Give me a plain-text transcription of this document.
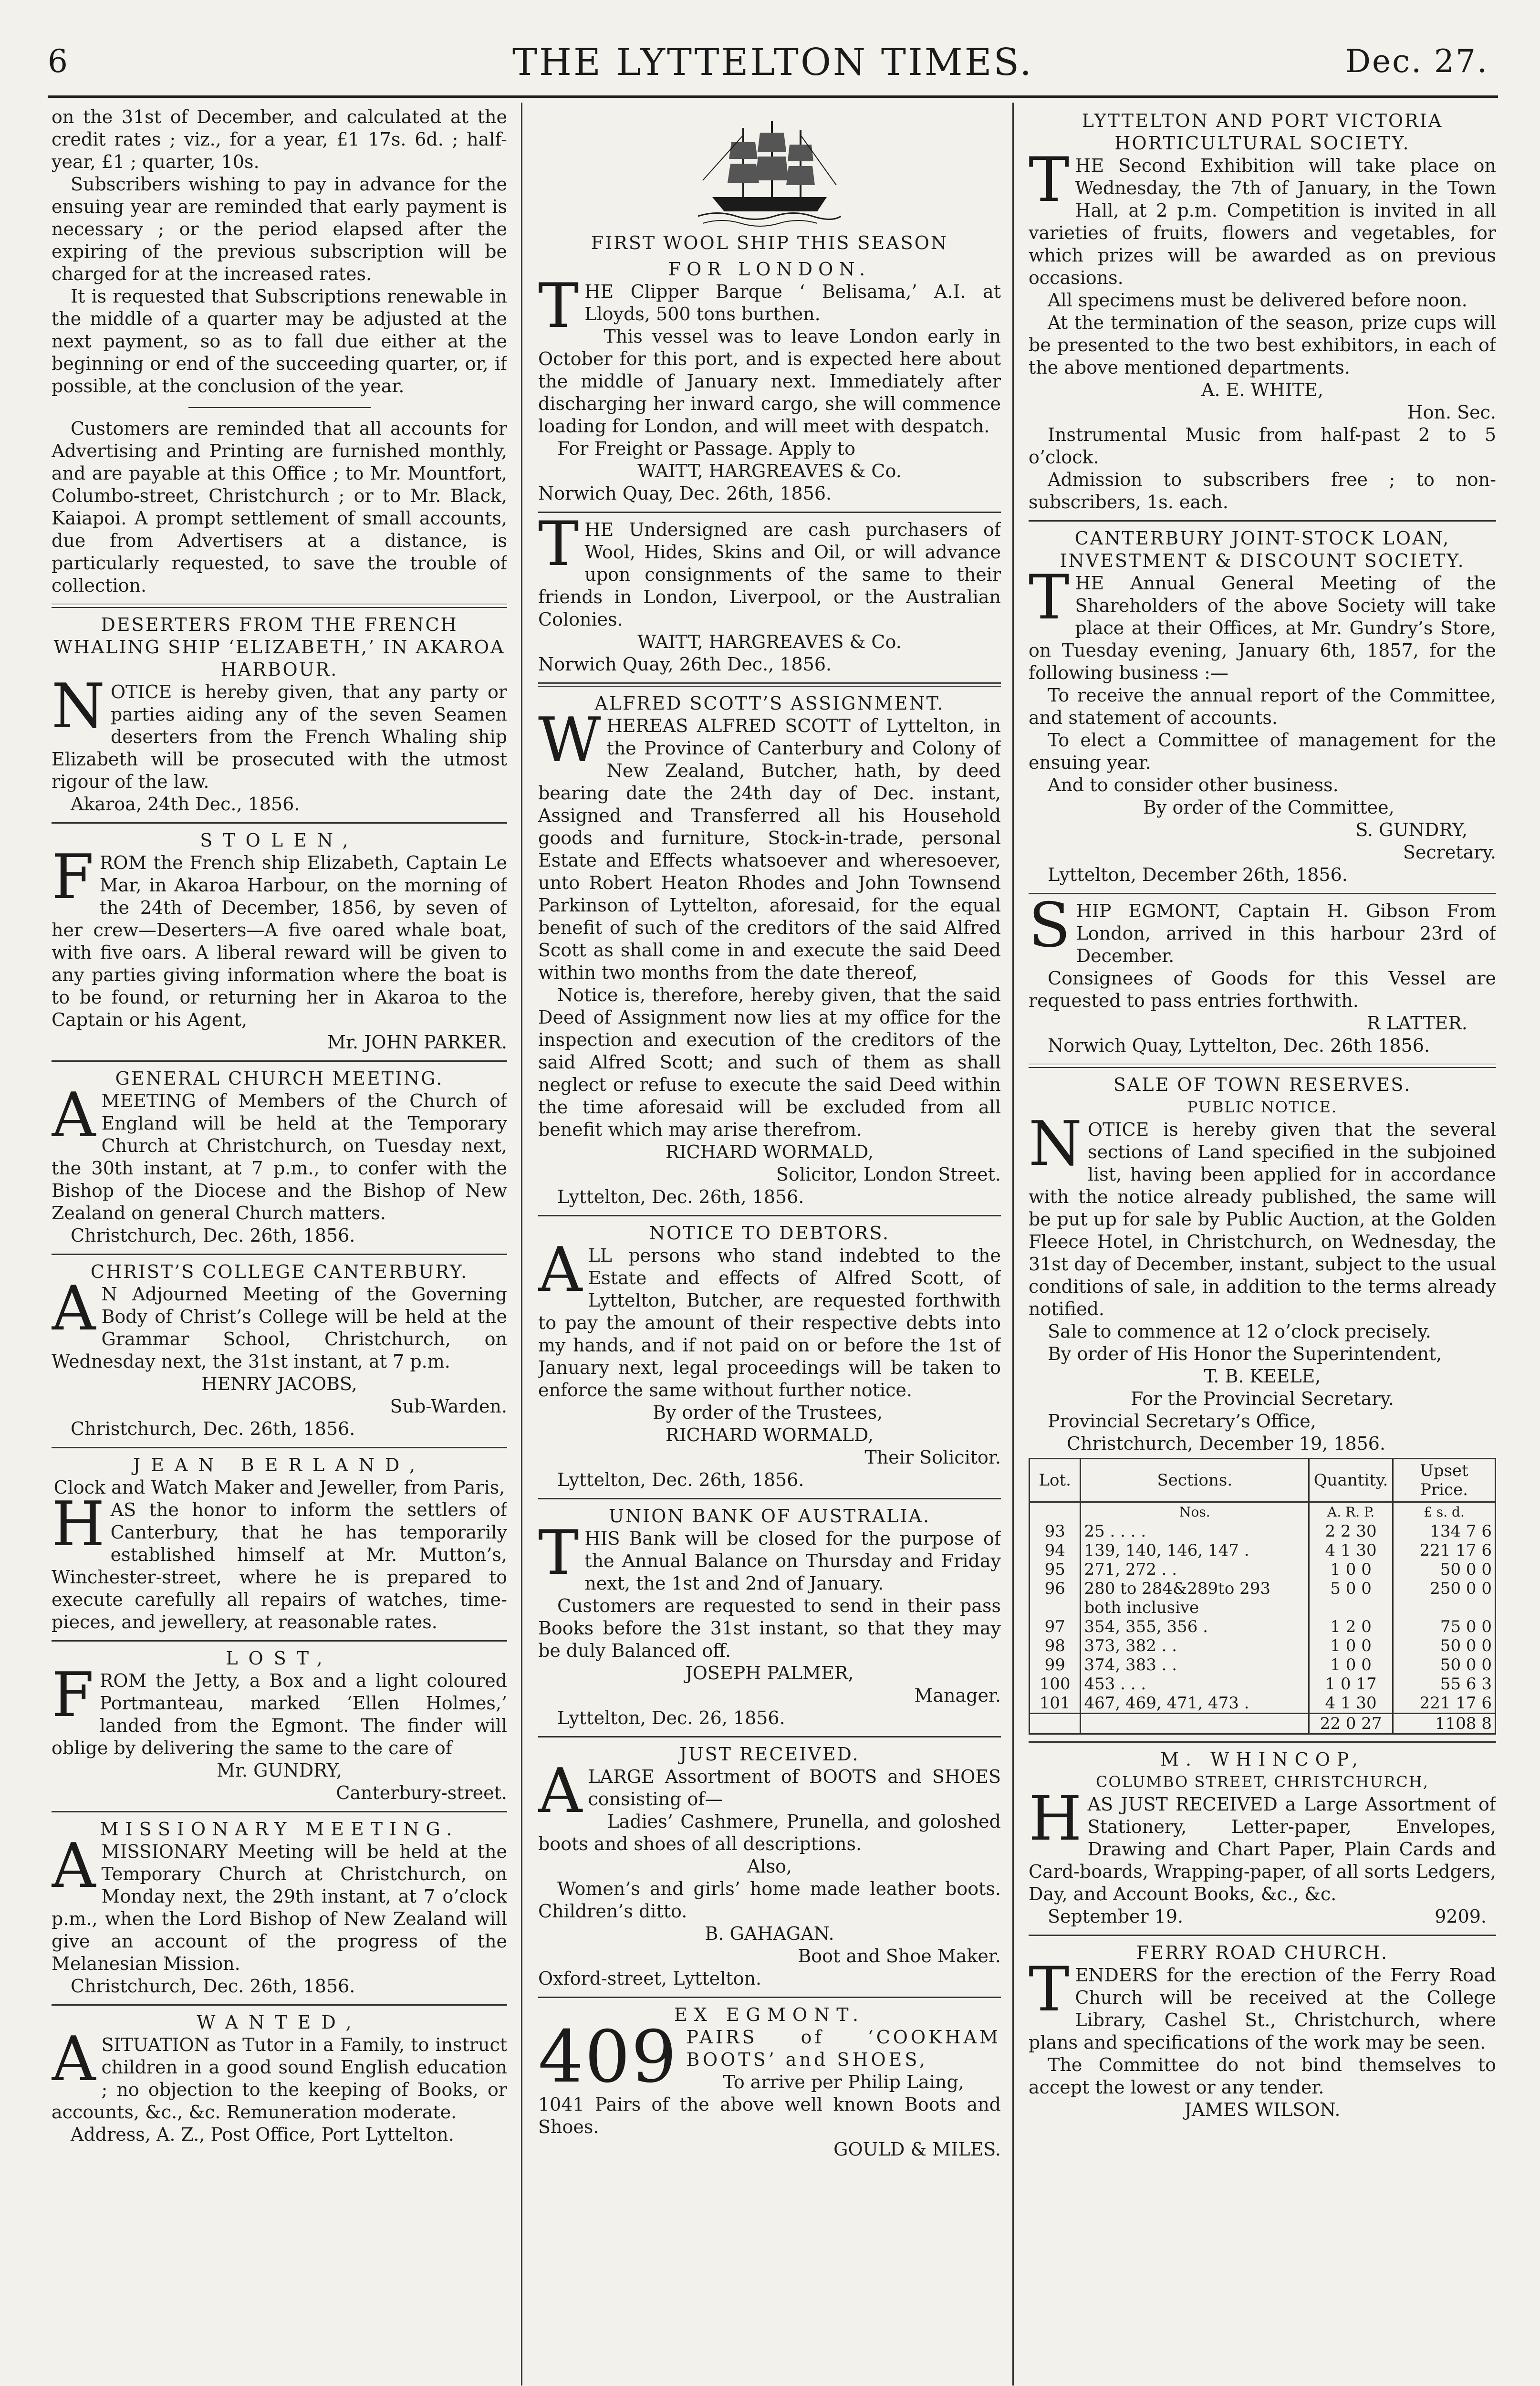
6	THE LYTTELTON TIMES.	Dec. 27.

on the 31st of December, and calculated at the credit rates ; viz., for a year, £1 17s. 6d. ; half-year, £1 ; quarter, 10s.

Subscribers wishing to pay in advance for the ensuing year are reminded that early payment is necessary ; or the period elapsed after the expiring of the previous subscription will be charged for at the increased rates.

It is requested that Subscriptions renewable in the middle of a quarter may be adjusted at the next payment, so as to fall due either at the beginning or end of the succeeding quarter, or, if possible, at the conclusion of the year.

Customers are reminded that all accounts for Advertising and Printing are furnished monthly, and are payable at this Office ; to Mr. Mountfort, Columbo-street, Christchurch ; or to Mr. Black, Kaiapoi. A prompt settlement of small accounts, due from Advertisers at a distance, is particularly requested, to save the trouble of collection.

DESERTERS FROM THE FRENCH WHALING SHIP ‘ELIZABETH,’ IN AKAROA HARBOUR.

NOTICE is hereby given, that any party or parties aiding any of the seven Seamen deserters from the French Whaling ship Elizabeth will be prosecuted with the utmost rigour of the law.

Akaroa, 24th Dec., 1856.

STOLEN,

FROM the French ship Elizabeth, Captain Le Mar, in Akaroa Harbour, on the morning of the 24th of December, 1856, by seven of her crew—Deserters—A five oared whale boat, with five oars. A liberal reward will be given to any parties giving information where the boat is to be found, or returning her in Akaroa to the Captain or his Agent,

Mr. JOHN PARKER.

GENERAL CHURCH MEETING.

AMEETING of Members of the Church of England will be held at the Temporary Church at Christchurch, on Tuesday next, the 30th instant, at 7 p.m., to confer with the Bishop of the Diocese and the Bishop of New Zealand on general Church matters.

Christchurch, Dec. 26th, 1856.

CHRIST’S COLLEGE CANTERBURY.

A N Adjourned Meeting of the Governing Body of Christ’s College will be held at the Grammar School, Christchurch, on Wednesday next, the 31st instant, at 7 p.m.

HENRY JACOBS,

Sub-Warden.

Christchurch, Dec. 26th, 1856.

JEAN BERLAND,

Clock and Watch Maker and Jeweller, from Paris,

HAS the honor to inform the settlers of Canterbury, that he has temporarily established himself at Mr. Mutton’s, Winchester-street, where he is prepared to execute carefully all repairs of watches, time-pieces, and jewellery, at reasonable rates.

LOST,

FROM the Jetty, a Box and a light coloured Portmanteau, marked ‘Ellen Holmes,’ landed from the Egmont. The finder will oblige by delivering the same to the care of

Mr. GUNDRY,

Canterbury-street.

MISSIONARY MEETING.

AMISSIONARY Meeting will be held at the Temporary Church at Christchurch, on Monday next, the 29th instant, at 7 o’clock p.m., when the Lord Bishop of New Zealand will give an account of the progress of the Melanesian Mission.

Christchurch, Dec. 26th, 1856.

WANTED,

ASITUATION as Tutor in a Family, to instruct children in a good sound English education ; no objection to the keeping of Books, or accounts, &c., &c. Remuneration moderate.

Address, A. Z., Post Office, Port Lyttelton.

FIRST WOOL SHIP THIS SEASON

FOR LONDON.

THE Clipper Barque ‘ Belisama,’ A.I. at Lloyds, 500 tons burthen.

This vessel was to leave London early in October for this port, and is expected here about the middle of January next. Immediately after discharging her inward cargo, she will commence loading for London, and will meet with despatch.

For Freight or Passage. Apply to

WAITT, HARGREAVES & Co.

Norwich Quay, Dec. 26th, 1856.

THE Undersigned are cash purchasers of Wool, Hides, Skins and Oil, or will advance upon consignments of the same to their friends in London, Liverpool, or the Australian Colonies.

WAITT, HARGREAVES & Co.

Norwich Quay, 26th Dec., 1856.

ALFRED SCOTT’S ASSIGNMENT.

WHEREAS ALFRED SCOTT of Lyttelton, in the Province of Canterbury and Colony of New Zealand, Butcher, hath, by deed bearing date the 24th day of Dec. instant, Assigned and Transferred all his Household goods and furniture, Stock-in-trade, personal Estate and Effects whatsoever and wheresoever, unto Robert Heaton Rhodes and John Townsend Parkinson of Lyttelton, aforesaid, for the equal benefit of such of the creditors of the said Alfred Scott as shall come in and execute the said Deed within two months from the date thereof,

Notice is, therefore, hereby given, that the said Deed of Assignment now lies at my office for the inspection and execution of the creditors of the said Alfred Scott; and such of them as shall neglect or refuse to execute the said Deed within the time aforesaid will be excluded from all benefit which may arise therefrom.

RICHARD WORMALD,

Solicitor, London Street.

Lyttelton, Dec. 26th, 1856.

NOTICE TO DEBTORS.

ALL persons who stand indebted to the Estate and effects of Alfred Scott, of Lyttelton, Butcher, are requested forthwith to pay the amount of their respective debts into my hands, and if not paid on or before the 1st of January next, legal proceedings will be taken to enforce the same without further notice.

By order of the Trustees,

RICHARD WORMALD,

Their Solicitor.

Lyttelton, Dec. 26th, 1856.

UNION BANK OF AUSTRALIA.

THIS Bank will be closed for the purpose of the Annual Balance on Thursday and Friday next, the 1st and 2nd of January.

Customers are requested to send in their pass Books before the 31st instant, so that they may be duly Balanced off.

JOSEPH PALMER,

Manager.

Lyttelton, Dec. 26, 1856.

JUST RECEIVED.

ALARGE Assortment of BOOTS and SHOES consisting of—

Ladies’ Cashmere, Prunella, and goloshed boots and shoes of all descriptions.

Also,

Women’s and girls’ home made leather boots. Children’s ditto.

B. GAHAGAN.

Boot and Shoe Maker.

Oxford-street, Lyttelton.

EX EGMONT.

409 PAIRS of ‘COOKHAM BOOTS’ and SHOES,

To arrive per Philip Laing,

1041 Pairs of the above well known Boots and Shoes.

GOULD & MILES.

LYTTELTON AND PORT VICTORIA HORTICULTURAL SOCIETY.

THE Second Exhibition will take place on Wednesday, the 7th of January, in the Town Hall, at 2 p.m. Competition is invited in all varieties of fruits, flowers and vegetables, for which prizes will be awarded as on previous occasions.

All specimens must be delivered before noon.

At the termination of the season, prize cups will be presented to the two best exhibitors, in each of the above mentioned departments.

A. E. WHITE,

Hon. Sec.

Instrumental Music from half-past 2 to 5 o’clock.

Admission to subscribers free ; to non-subscribers, 1s. each.

CANTERBURY JOINT-STOCK LOAN, INVESTMENT & DISCOUNT SOCIETY.

THE Annual General Meeting of the Shareholders of the above Society will take place at their Offices, at Mr. Gundry’s Store, on Tuesday evening, January 6th, 1857, for the following business :—

To receive the annual report of the Committee, and statement of accounts.

To elect a Committee of management for the ensuing year.

And to consider other business.

By order of the Committee,

S. GUNDRY,

Secretary.

Lyttelton, December 26th, 1856.

SHIP EGMONT, Captain H. Gibson From London, arrived in this harbour 23rd of December.

Consignees of Goods for this Vessel are requested to pass entries forthwith.

R LATTER.

Norwich Quay, Lyttelton, Dec. 26th 1856.

SALE OF TOWN RESERVES.

PUBLIC NOTICE.

NOTICE is hereby given that the several sections of Land specified in the subjoined list, having been applied for in accordance with the notice already published, the same will be put up for sale by Public Auction, at the Golden Fleece Hotel, in Christchurch, on Wednesday, the 31st day of December, instant, subject to the usual conditions of sale, in addition to the terms already notified.

Sale to commence at 12 o’clock precisely.

By order of His Honor the Superintendent,

T. B. KEELE,

For the Provincial Secretary.

Provincial Secretary’s Office,

Christchurch, December 19, 1856.

Lot.	Sections.	Quantity.	Upset Price.
	Nos.	A. R. P.	£ s. d.
93	25 . . . .	2 2 30	134 7 6
94	139, 140, 146, 147 .	4 1 30	221 17 6
95	271, 272 . .	1 0 0	50 0 0
96	280 to 284&289to 293 both inclusive	5 0 0	250 0 0
97	354, 355, 356 .	1 2 0	75 0 0
98	373, 382 . .	1 0 0	50 0 0
99	374, 383 . .	1 0 0	50 0 0
100	453 . . .	1 0 17	55 6 3
101	467, 469, 471, 473 .	4 1 30	221 17 6
		22 0 27	1108 8

M. WHINCOP,

COLUMBO STREET, CHRISTCHURCH,

HAS JUST RECEIVED a Large Assortment of Stationery, Letter-paper, Envelopes, Drawing and Chart Paper, Plain Cards and Card-boards, Wrapping-paper, of all sorts Ledgers, Day, and Account Books, &c., &c.

September 19.	9209.

FERRY ROAD CHURCH.

TENDERS for the erection of the Ferry Road Church will be received at the College Library, Cashel St., Christchurch, where plans and specifications of the work may be seen.

The Committee do not bind themselves to accept the lowest or any tender.

JAMES WILSON.
